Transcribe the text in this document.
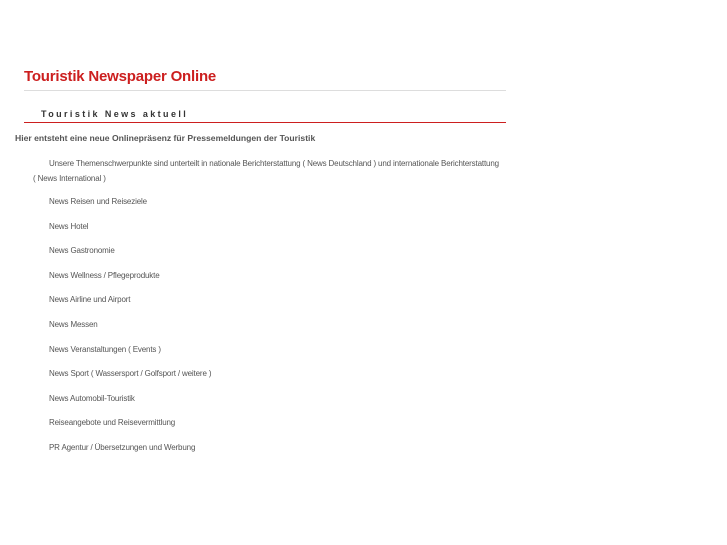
Touristik Newspaper Online
Touristik News aktuell

Hier entsteht eine neue Onlinepräsenz für Pressemeldungen der Touristik

Unsere Themenschwerpunkte sind unterteilt in nationale Berichterstattung ( News Deutschland ) und internationale Berichterstattung ( News International )

News Reisen und Reiseziele
News Hotel
News Gastronomie
News Wellness / Pflegeprodukte
News Airline und Airport
News Messen
News Veranstaltungen ( Events )
News Sport ( Wassersport / Golfsport / weitere )
News Automobil-Touristik
Reiseangebote und Reisevermittlung
PR Agentur / Übersetzungen und Werbung
